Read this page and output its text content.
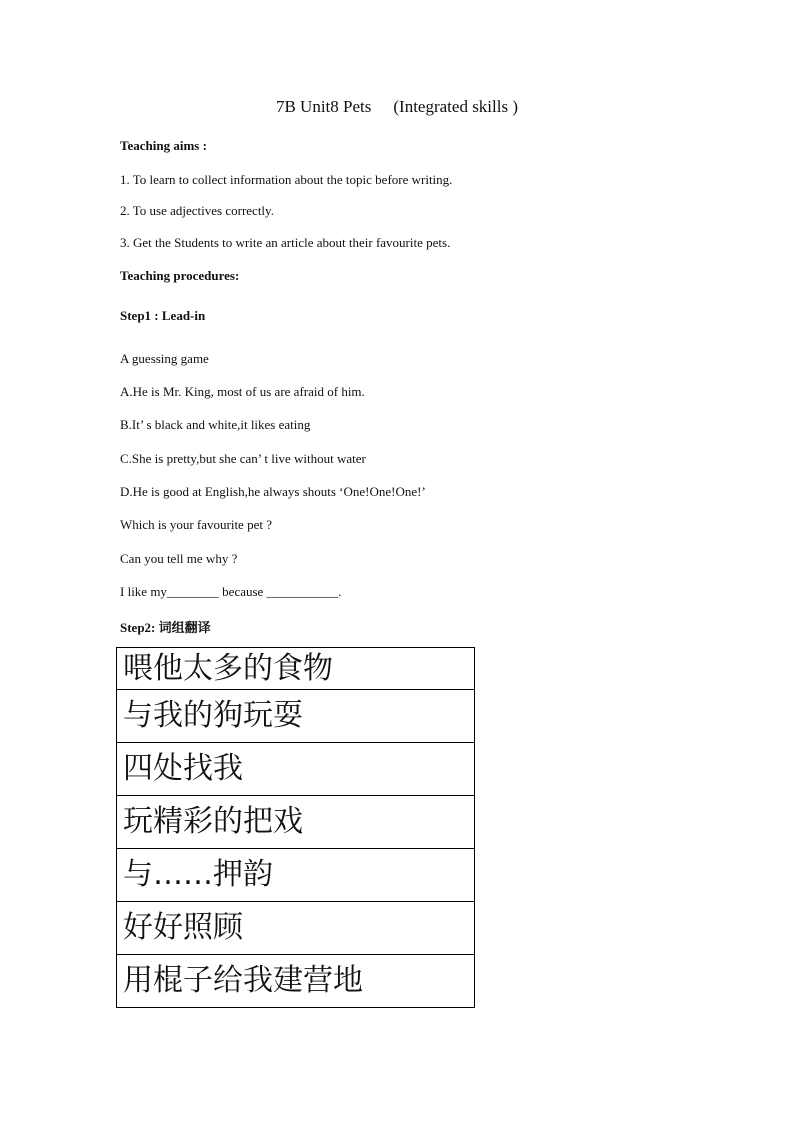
7B Unit8 Pets (Integrated skills )
Teaching aims :
1. To learn to collect information about the topic before writing.
2. To use adjectives correctly.
3. Get the Students to write an article about their favourite pets.
Teaching procedures:
Step1 : Lead-in
A guessing game
A.He is Mr. King, most of us are afraid of him.
B.It’ s black and white,it likes eating
C.She is pretty,but she can’ t live without water
D.He is good at English,he always shouts ‘One!One!One!’
Which is your favourite pet ?
Can you tell me why ?
I like my________ because ___________.
Step2: 词组翻译
喂他太多的食物
与我的狗玩耍
四处找我
玩精彩的把戏
与……押韵
好好照顾
用棍子给我建营地
